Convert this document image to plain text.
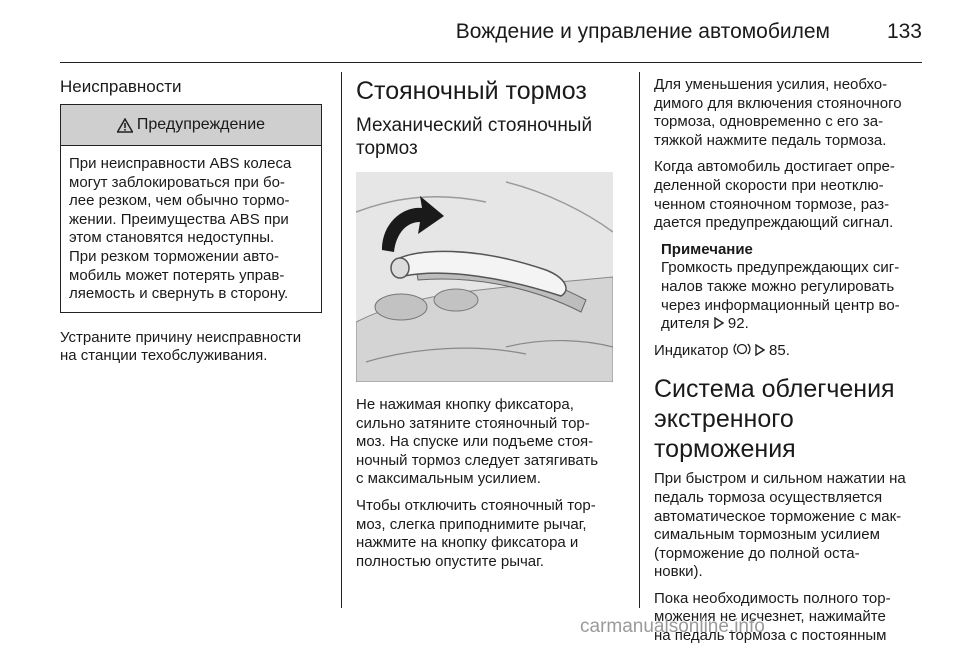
Вождение и управление автомобилем	133
Неисправности
Предупреждение
При неисправности ABS колеса
могут заблокироваться при бо-
лее резком, чем обычно тормо-
жении. Преимущества ABS при
этом становятся недоступны.
При резком торможении авто-
мобиль может потерять управ-
ляемость и свернуть в сторону.
Устраните причину неисправности
на станции техобслуживания.
Стояночный тормоз
Механический стояночный
тормоз
Не нажимая кнопку фиксатора,
сильно затяните стояночный тор-
моз. На спуске или подъеме стоя-
ночный тормоз следует затягивать
с максимальным усилием.
Чтобы отключить стояночный тор-
моз, слегка приподнимите рычаг,
нажмите на кнопку фиксатора и
полностью опустите рычаг.
Для уменьшения усилия, необхо-
димого для включения стояночного
тормоза, одновременно с его за-
тяжкой нажмите педаль тормоза.
Когда автомобиль достигает опре-
деленной скорости при неотклю-
ченном стояночном тормозе, раз-
дается предупреждающий сигнал.
Примечание
Громкость предупреждающих сиг-
налов также можно регулировать
через информационный центр во-
дителя 92.
Индикатор	85.
Система облегчения
экстренного торможения
При быстром и сильном нажатии на
педаль тормоза осуществляется
автоматическое торможение с мак-
симальным тормозным усилием
(торможение до полной оста-
новки).
Пока необходимость полного тор-
можения не исчезнет, нажимайте
на педаль тормоза с постоянным
carmanualsonline.info
